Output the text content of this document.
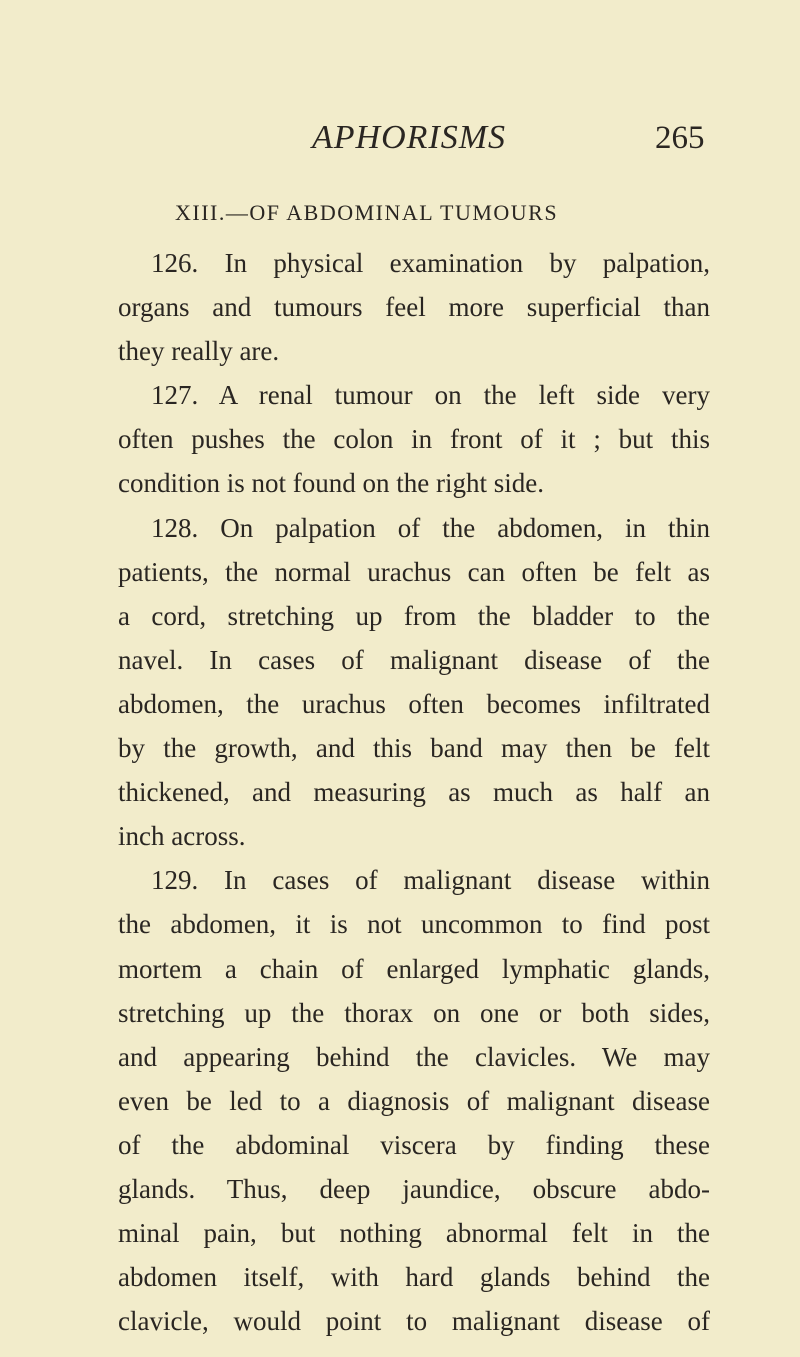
APHORISMS	265
XIII.—OF ABDOMINAL TUMOURS
126. In physical examination by palpation,
organs and tumours feel more superficial than
they really are.
127. A renal tumour on the left side very
often pushes the colon in front of it ; but this
condition is not found on the right side.
128. On palpation of the abdomen, in thin
patients, the normal urachus can often be felt as
a cord, stretching up from the bladder to the
navel. In cases of malignant disease of the
abdomen, the urachus often becomes infiltrated
by the growth, and this band may then be felt
thickened, and measuring as much as half an
inch across.
129. In cases of malignant disease within
the abdomen, it is not uncommon to find post
mortem a chain of enlarged lymphatic glands,
stretching up the thorax on one or both sides,
and appearing behind the clavicles. We may
even be led to a diagnosis of malignant disease
of the abdominal viscera by finding these
glands. Thus, deep jaundice, obscure abdo-
minal pain, but nothing abnormal felt in the
abdomen itself, with hard glands behind the
clavicle, would point to malignant disease of
